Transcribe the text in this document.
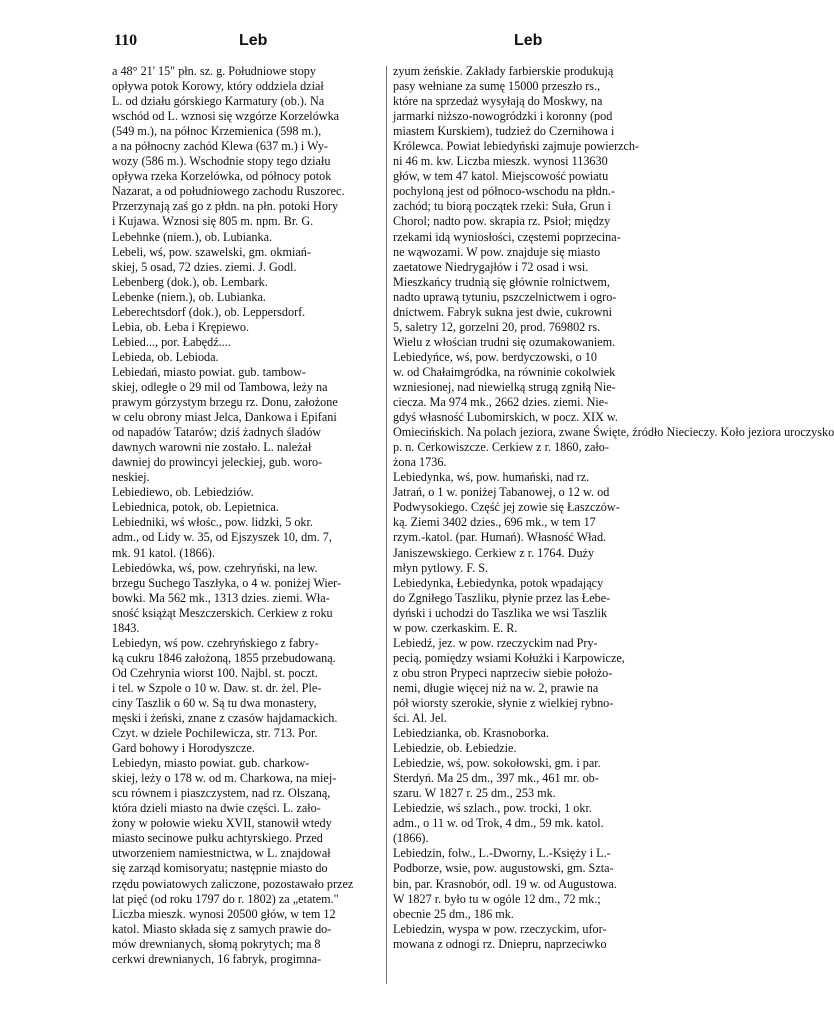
110	Leb	Leb
a 48° 21' 15" płn. sz. g. Południowe stopy
opływa potok Korowy, który oddziela dział
L. od działu górskiego Karmatury (ob.). Na
wschód od L. wznosi się wzgórze Korzelówka
(549 m.), na północ Krzemienica (598 m.),
a na północny zachód Klewa (637 m.) i Wy-
wozy (586 m.). Wschodnie stopy tego działu
opływa rzeka Korzelówka, od północy potok
Nazarat, a od południowego zachodu Ruszorec.
Przerzynają zaś go z płdn. na płn. potoki Hory
i Kujawa. Wznosi się 805 m. npm. Br. G.
Lebehnke (niem.), ob. Lubianka.
Lebeli, wś, pow. szawelski, gm. okmiań-
skiej, 5 osad, 72 dzies. ziemi. J. Godl.
Lebenberg (dok.), ob. Lembark.
Lebenke (niem.), ob. Lubianka.
Leberechtsdorf (dok.), ob. Leppersdorf.
Lebia, ob. Łeba i Krępiewo.
Lebied..., por. Łabędź....
Lebieda, ob. Lebioda.
Lebiedań, miasto powiat. gub. tambow-
skiej, odległe o 29 mil od Tambowa, leży na
prawym górzystym brzegu rz. Donu, założone
w celu obrony miast Jelca, Dankowa i Epifani
od napadów Tatarów; dziś żadnych śladów
dawnych warowni nie zostało. L. należał
dawniej do prowincyi jeleckiej, gub. woro-
neskiej.
Lebiediewo, ob. Lebiedziów.
Lebiednica, potok, ob. Lepietnica.
Lebiedniki, wś włośc., pow. lidzki, 5 okr.
adm., od Lidy w. 35, od Ejszyszek 10, dm. 7,
mk. 91 katol. (1866).
Lebiedówka, wś, pow. czehryński, na lew.
brzegu Suchego Taszłyka, o 4 w. poniżej Wier-
bowki. Ma 562 mk., 1313 dzies. ziemi. Wła-
sność książąt Meszczerskich. Cerkiew z roku
1843.
Lebiedyn, wś pow. czehryńskiego z fabry-
ką cukru 1846 założoną, 1855 przebudowaną.
Od Czehrynia wiorst 100. Najbl. st. poczt.
i tel. w Szpole o 10 w. Daw. st. dr. żel. Ple-
ciny Taszlik o 60 w. Są tu dwa monastery,
męski i żeński, znane z czasów hajdamackich.
Czyt. w dziele Pochilewicza, str. 713. Por.
Gard bohowy i Horodyszcze.
Lebiedyn, miasto powiat. gub. charkow-
skiej, leży o 178 w. od m. Charkowa, na miej-
scu równem i piaszczystem, nad rz. Olszaną,
która dzieli miasto na dwie części. L. zało-
żony w połowie wieku XVII, stanowił wtedy
miasto secinowe pułku achtyrskiego. Przed
utworzeniem namiestnictwa, w L. znajdował
się zarząd komisoryatu; następnie miasto do
rzędu powiatowych zaliczone, pozostawało przez
lat pięć (od roku 1797 do r. 1802) za „etatem."
Liczba mieszk. wynosi 20500 głów, w tem 12
katol. Miasto składa się z samych prawie do-
mów drewnianych, słomą pokrytych; ma 8
cerkwi drewnianych, 16 fabryk, progimna-
zyum żeńskie. Zakłady farbierskie produkują
pasy wełniane za sumę 15000 przeszło rs.,
które na sprzedaż wysyłają do Moskwy, na
jarmarki niższo-nowogródzki i koronny (pod
miastem Kurskiem), tudzież do Czernihowa i
Królewca. Powiat lebiedyński zajmuje powierzch-
ni 46 m. kw. Liczba mieszk. wynosi 113630
głów, w tem 47 katol. Miejscowość powiatu
pochyloną jest od północo-wschodu na płdn.-
zachód; tu biorą początek rzeki: Suła, Grun i
Chorol; nadto pow. skrapia rz. Psioł; między
rzekami idą wyniosłości, częstemi poprzecina-
ne wąwozami. W pow. znajduje się miasto
zaetatowe Niedrygajłów i 72 osad i wsi.
Mieszkańcy trudnią się głównie rolnictwem,
nadto uprawą tytuniu, pszczelnictwem i ogro-
dnictwem. Fabryk sukna jest dwie, cukrowni
5, saletry 12, gorzelni 20, prod. 769802 rs.
Wielu z włościan trudni się ozumakowaniem.
Lebiedyńce, wś, pow. berdyczowski, o 10
w. od Chałaimgródka, na równinie cokolwiek
wzniesionej, nad niewielką strugą zgniłą Nie-
ciecza. Ma 974 mk., 2662 dzies. ziemi. Nie-
gdyś własność Lubomirskich, w pocz. XIX w.
Omiecińskich. Na polach jeziora, zwane Święte, źródło Niecieczy. Koło jeziora uroczysko
p. n. Cerkowiszcze. Cerkiew z r. 1860, zało-
żona 1736.
Lebiedynka, wś, pow. humański, nad rz.
Jatrań, o 1 w. poniżej Tabanowej, o 12 w. od
Podwysokiego. Część jej zowie się Łaszczów-
ką. Ziemi 3402 dzies., 696 mk., w tem 17
rzym.-katol. (par. Humań). Własność Wład.
Janiszewskiego. Cerkiew z r. 1764. Duży
młyn pytlowy. F. S.
Lebiedynka, Łebiedynka, potok wpadający
do Zgniłego Taszliku, płynie przez las Łebe-
dyński i uchodzi do Taszlika we wsi Taszlik
w pow. czerkaskim. E. R.
Lebiedź, jez. w pow. rzeczyckim nad Pry-
pecią, pomiędzy wsiami Kołużki i Karpowicze,
z obu stron Prypeci naprzeciw siebie położo-
nemi, długie więcej niż na w. 2, prawie na
pół wiorsty szerokie, słynie z wielkiej rybno-
ści. Al. Jel.
Lebiedzianka, ob. Krasnoborka.
Lebiedzie, ob. Łebiedzie.
Lebiedzie, wś, pow. sokołowski, gm. i par.
Sterdyń. Ma 25 dm., 397 mk., 461 mr. ob-
szaru. W 1827 r. 25 dm., 253 mk.
Lebiedzie, wś szlach., pow. trocki, 1 okr.
adm., o 11 w. od Trok, 4 dm., 59 mk. katol.
(1866).
Lebiedzin, folw., L.-Dworny, L.-Księży i L.-
Podborze, wsie, pow. augustowski, gm. Szta-
bin, par. Krasnobór, odl. 19 w. od Augustowa.
W 1827 r. było tu w ogóle 12 dm., 72 mk.;
obecnie 25 dm., 186 mk.
Lebiedzin, wyspa w pow. rzeczyckim, ufor-
mowana z odnogi rz. Dniepru, naprzeciwko
